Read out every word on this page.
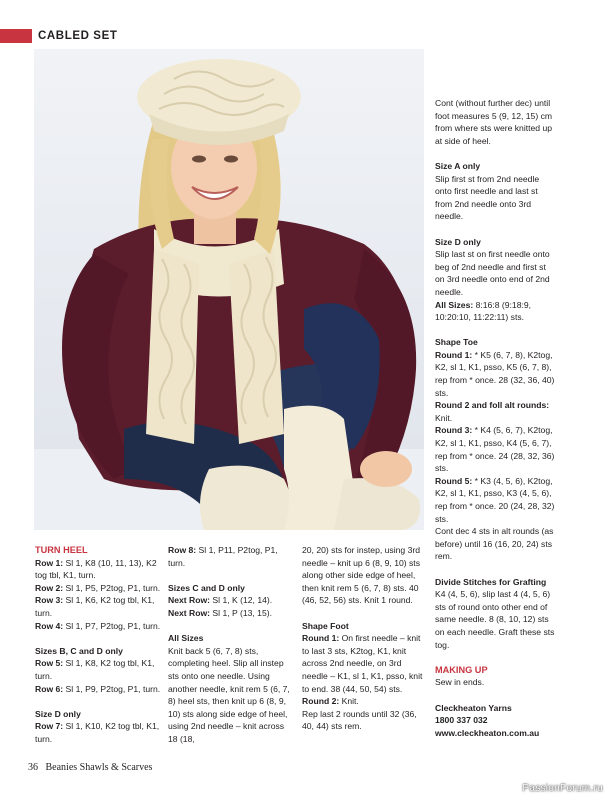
CABLED SET

TURN HEEL

Row 1: Sl 1, K8 (10, 11, 13), K2 tog tbl, K1, turn.

Row 2: Sl 1, P5, P2tog, P1, turn.

Row 3: Sl 1, K6, K2 tog tbl, K1, turn.

Row 4: Sl 1, P7, P2tog, P1, turn.

Sizes B, C and D only

Row 5: Sl 1, K8, K2 tog tbl, K1, turn.

Row 6: Sl 1, P9, P2tog, P1, turn.

Size D only

Row 7: Sl 1, K10, K2 tog tbl, K1, turn.

Row 8: Sl 1, P11, P2tog, P1, turn.

Sizes C and D only

Next Row: Sl 1, K (12, 14).

Next Row: Sl 1, P (13, 15).

All Sizes

Knit back 5 (6, 7, 8) sts, completing heel. Slip all instep sts onto one needle. Using another needle, knit rem 5 (6, 7, 8) heel sts, then knit up 6 (8, 9, 10) sts along side edge of heel, using 2nd needle – knit across 18 (18,

20, 20) sts for instep, using 3rd needle – knit up 6 (8, 9, 10) sts along other side edge of heel, then knit rem 5 (6, 7, 8) sts. 40 (46, 52, 56) sts. Knit 1 round.

Shape Foot

Round 1: On first needle – knit to last 3 sts, K2tog, K1, knit across 2nd needle, on 3rd needle – K1, sl 1, K1, psso, knit to end. 38 (44, 50, 54) sts.

Round 2: Knit.

Rep last 2 rounds until 32 (36, 40, 44) sts rem.

Cont (without further dec) until foot measures 5 (9, 12, 15) cm from where sts were knitted up at side of heel.

Size A only

Slip first st from 2nd needle onto first needle and last st from 2nd needle onto 3rd needle.

Size D only

Slip last st on first needle onto beg of 2nd needle and first st on 3rd needle onto end of 2nd needle.

All Sizes: 8:16:8 (9:18:9, 10:20:10, 11:22:11) sts.

Shape Toe

Round 1: * K5 (6, 7, 8), K2tog, K2, sl 1, K1, psso, K5 (6, 7, 8), rep from * once. 28 (32, 36, 40) sts.

Round 2 and foll alt rounds: Knit.

Round 3: * K4 (5, 6, 7), K2tog, K2, sl 1, K1, psso, K4 (5, 6, 7), rep from * once. 24 (28, 32, 36) sts.

Round 5: * K3 (4, 5, 6), K2tog, K2, sl 1, K1, psso, K3 (4, 5, 6), rep from * once. 20 (24, 28, 32) sts.

Cont dec 4 sts in alt rounds (as before) until 16 (16, 20, 24) sts rem.

Divide Stitches for Grafting

K4 (4, 5, 6), slip last 4 (4, 5, 6) sts of round onto other end of same needle. 8 (8, 10, 12) sts on each needle. Graft these sts tog.

MAKING UP

Sew in ends.

Cleckheaton Yarns

1800 337 032

www.cleckheaton.com.au

36 Beanies Shawls & Scarves
PassionForum.ru
